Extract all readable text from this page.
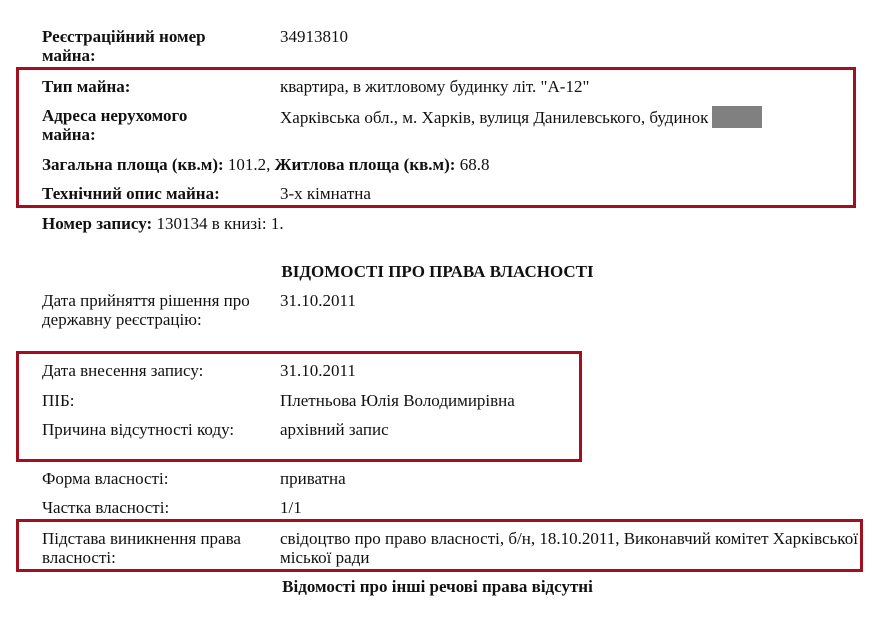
Реєстраційний номер майна:
34913810
Тип майна:	квартира, в житловому будинку літ. "А-12"
Адреса нерухомого майна:
Харківська обл., м. Харків, вулиця Данилевського, будинок
Загальна площа (кв.м): 101.2, Житлова площа (кв.м): 68.8
Технічний опис майна:	3-х кімнатна
Номер запису: 130134 в книзі: 1.
ВІДОМОСТІ ПРО ПРАВА ВЛАСНОСТІ
Дата прийняття рішення про державну реєстрацію:
31.10.2011
Дата внесення запису:	31.10.2011
ПІБ:	Плетньова Юлія Володимирівна
Причина відсутності коду:	архівний запис
Форма власності:	приватна
Частка власності:	1/1
Підстава виникнення права власності:
свідоцтво про право власності, б/н, 18.10.2011, Виконавчий комітет Харківської міської ради
Відомості про інші речові права відсутні
